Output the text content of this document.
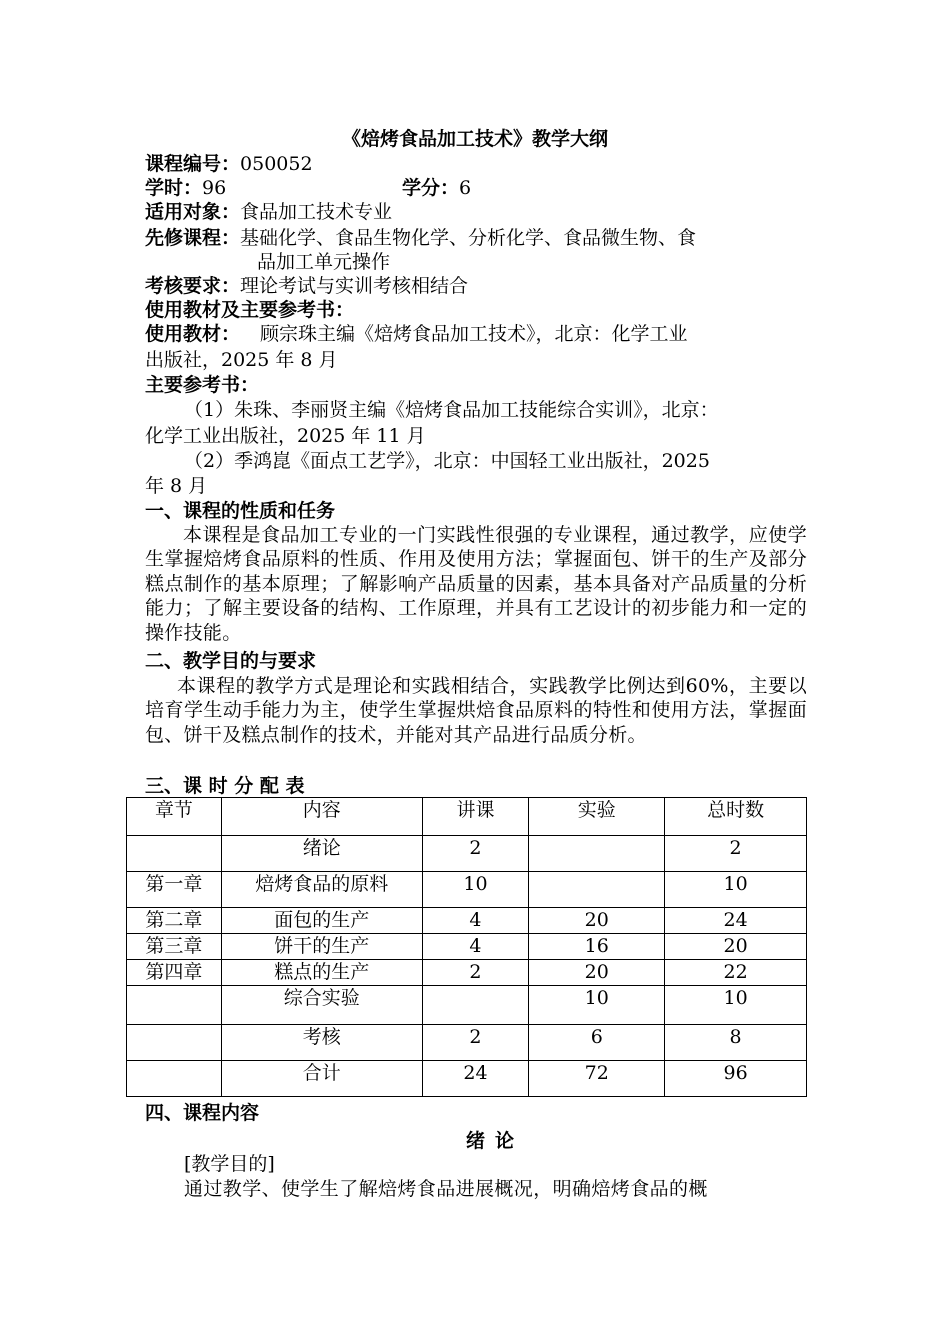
《焙烤食品加工技术》教学大纲
课程编号：050052
学时：96	学分：6
适用对象：食品加工技术专业
先修课程：基础化学、食品生物化学、分析化学、食品微生物、食
品加工单元操作
考核要求：理论考试与实训考核相结合
使用教材及主要参考书：
使用教材： 顾宗珠主编《焙烤食品加工技术》，北京：化学工业
出版社，2025 年 8 月
主要参考书：
（1）朱珠、李丽贤主编《焙烤食品加工技能综合实训》，北京：
化学工业出版社，2025 年 11 月
（2）季鸿崑《面点工艺学》，北京：中国轻工业出版社，2025
年 8 月
一、课程的性质和任务
本课程是食品加工专业的一门实践性很强的专业课程，通过教学，应使学生掌握焙烤食品原料的性质、作用及使用方法；掌握面包、饼干的生产及部分糕点制作的基本原理；了解影响产品质量的因素，基本具备对产品质量的分析能力；了解主要设备的结构、工作原理，并具有工艺设计的初步能力和一定的操作技能。
二、教学目的与要求
本课程的教学方式是理论和实践相结合，实践教学比例达到60%，主要以培育学生动手能力为主，使学生掌握烘焙食品原料的特性和使用方法，掌握面包、饼干及糕点制作的技术，并能对其产品进行品质分析。
三、课 时 分 配 表
章节	内容	讲课	实验	总时数
	绪论	2		2
第一章	焙烤食品的原料	10		10
第二章	面包的生产	4	20	24
第三章	饼干的生产	4	16	20
第四章	糕点的生产	2	20	22
	综合实验		10	10
	考核	2	6	8
	合计	24	72	96
四、课程内容
绪论
[教学目的]
通过教学、使学生了解焙烤食品进展概况，明确焙烤食品的概
